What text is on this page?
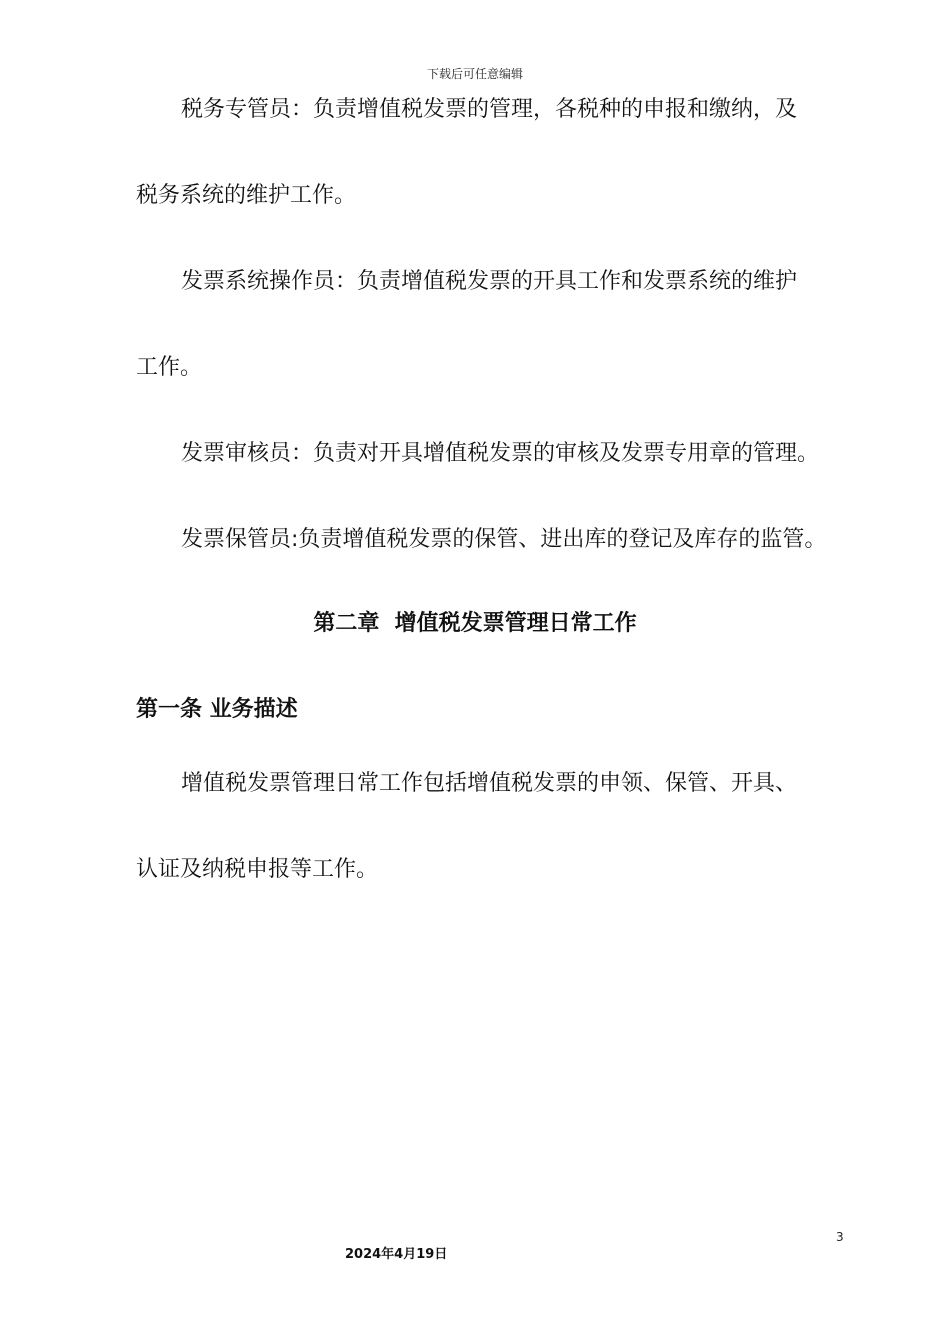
下载后可任意编辑
税务专管员：负责增值税发票的管理，各税种的申报和缴纳，及
税务系统的维护工作。
发票系统操作员：负责增值税发票的开具工作和发票系统的维护
工作。
发票审核员：负责对开具增值税发票的审核及发票专用章的管理。
发票保管员:负责增值税发票的保管、进出库的登记及库存的监管。
第二章  增值税发票管理日常工作
第一条 业务描述
增值税发票管理日常工作包括增值税发票的申领、保管、开具、
认证及纳税申报等工作。
3
2024年4月19日
